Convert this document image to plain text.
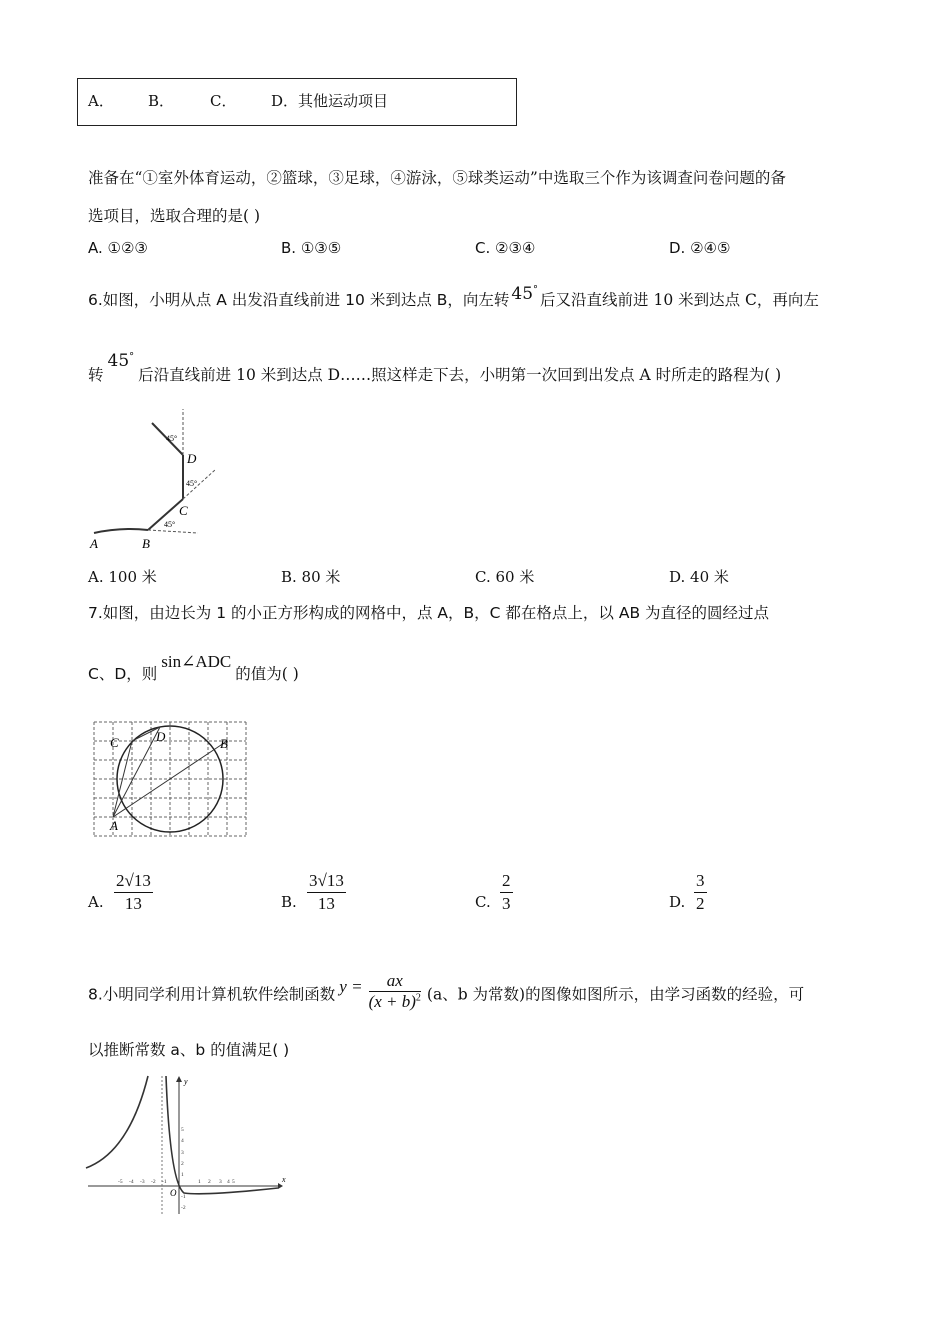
A． B． C． D．其他运动项目
准备在“①室外体育运动，②篮球，③足球，④游泳，⑤球类运动”中选取三个作为该调查问卷问题的备
选项目，选取合理的是( )
A. ①②③	B. ①③⑤	C. ②③④	D. ②④⑤
6.如图，小明从点 A 出发沿直线前进 10 米到达点 B，向左转 45°后又沿直线前进 10 米到达点 C，再向左
转45°后沿直线前进 10 米到达点 D……照这样走下去，小明第一次回到出发点 A 时所走的路程为( )
A	B
C
D
45°
45°
45°
A. 100 米	B. 80 米	C. 60 米	D. 40 米
7.如图，由边长为 1 的小正方形构成的网格中，点 A，B，C 都在格点上，以 AB 为直径的圆经过点
C、D，则sin∠ADC的值为( )
C	D	B
A
A.
2√13
13	B.
3√13
13	C.
2
3	D.
3
2
8.小明同学利用计算机软件绘制函数 $y = \frac{ax}{(x + b)^2} (a$、b 为常数)的图像如图所示，由学习函数的经验，可
以推断常数 a、b 的值满足( )
x
y
O
-5 -4 -3 -2 -1	1 2 3 4 5
5
4
3
2
1
-1
-2
